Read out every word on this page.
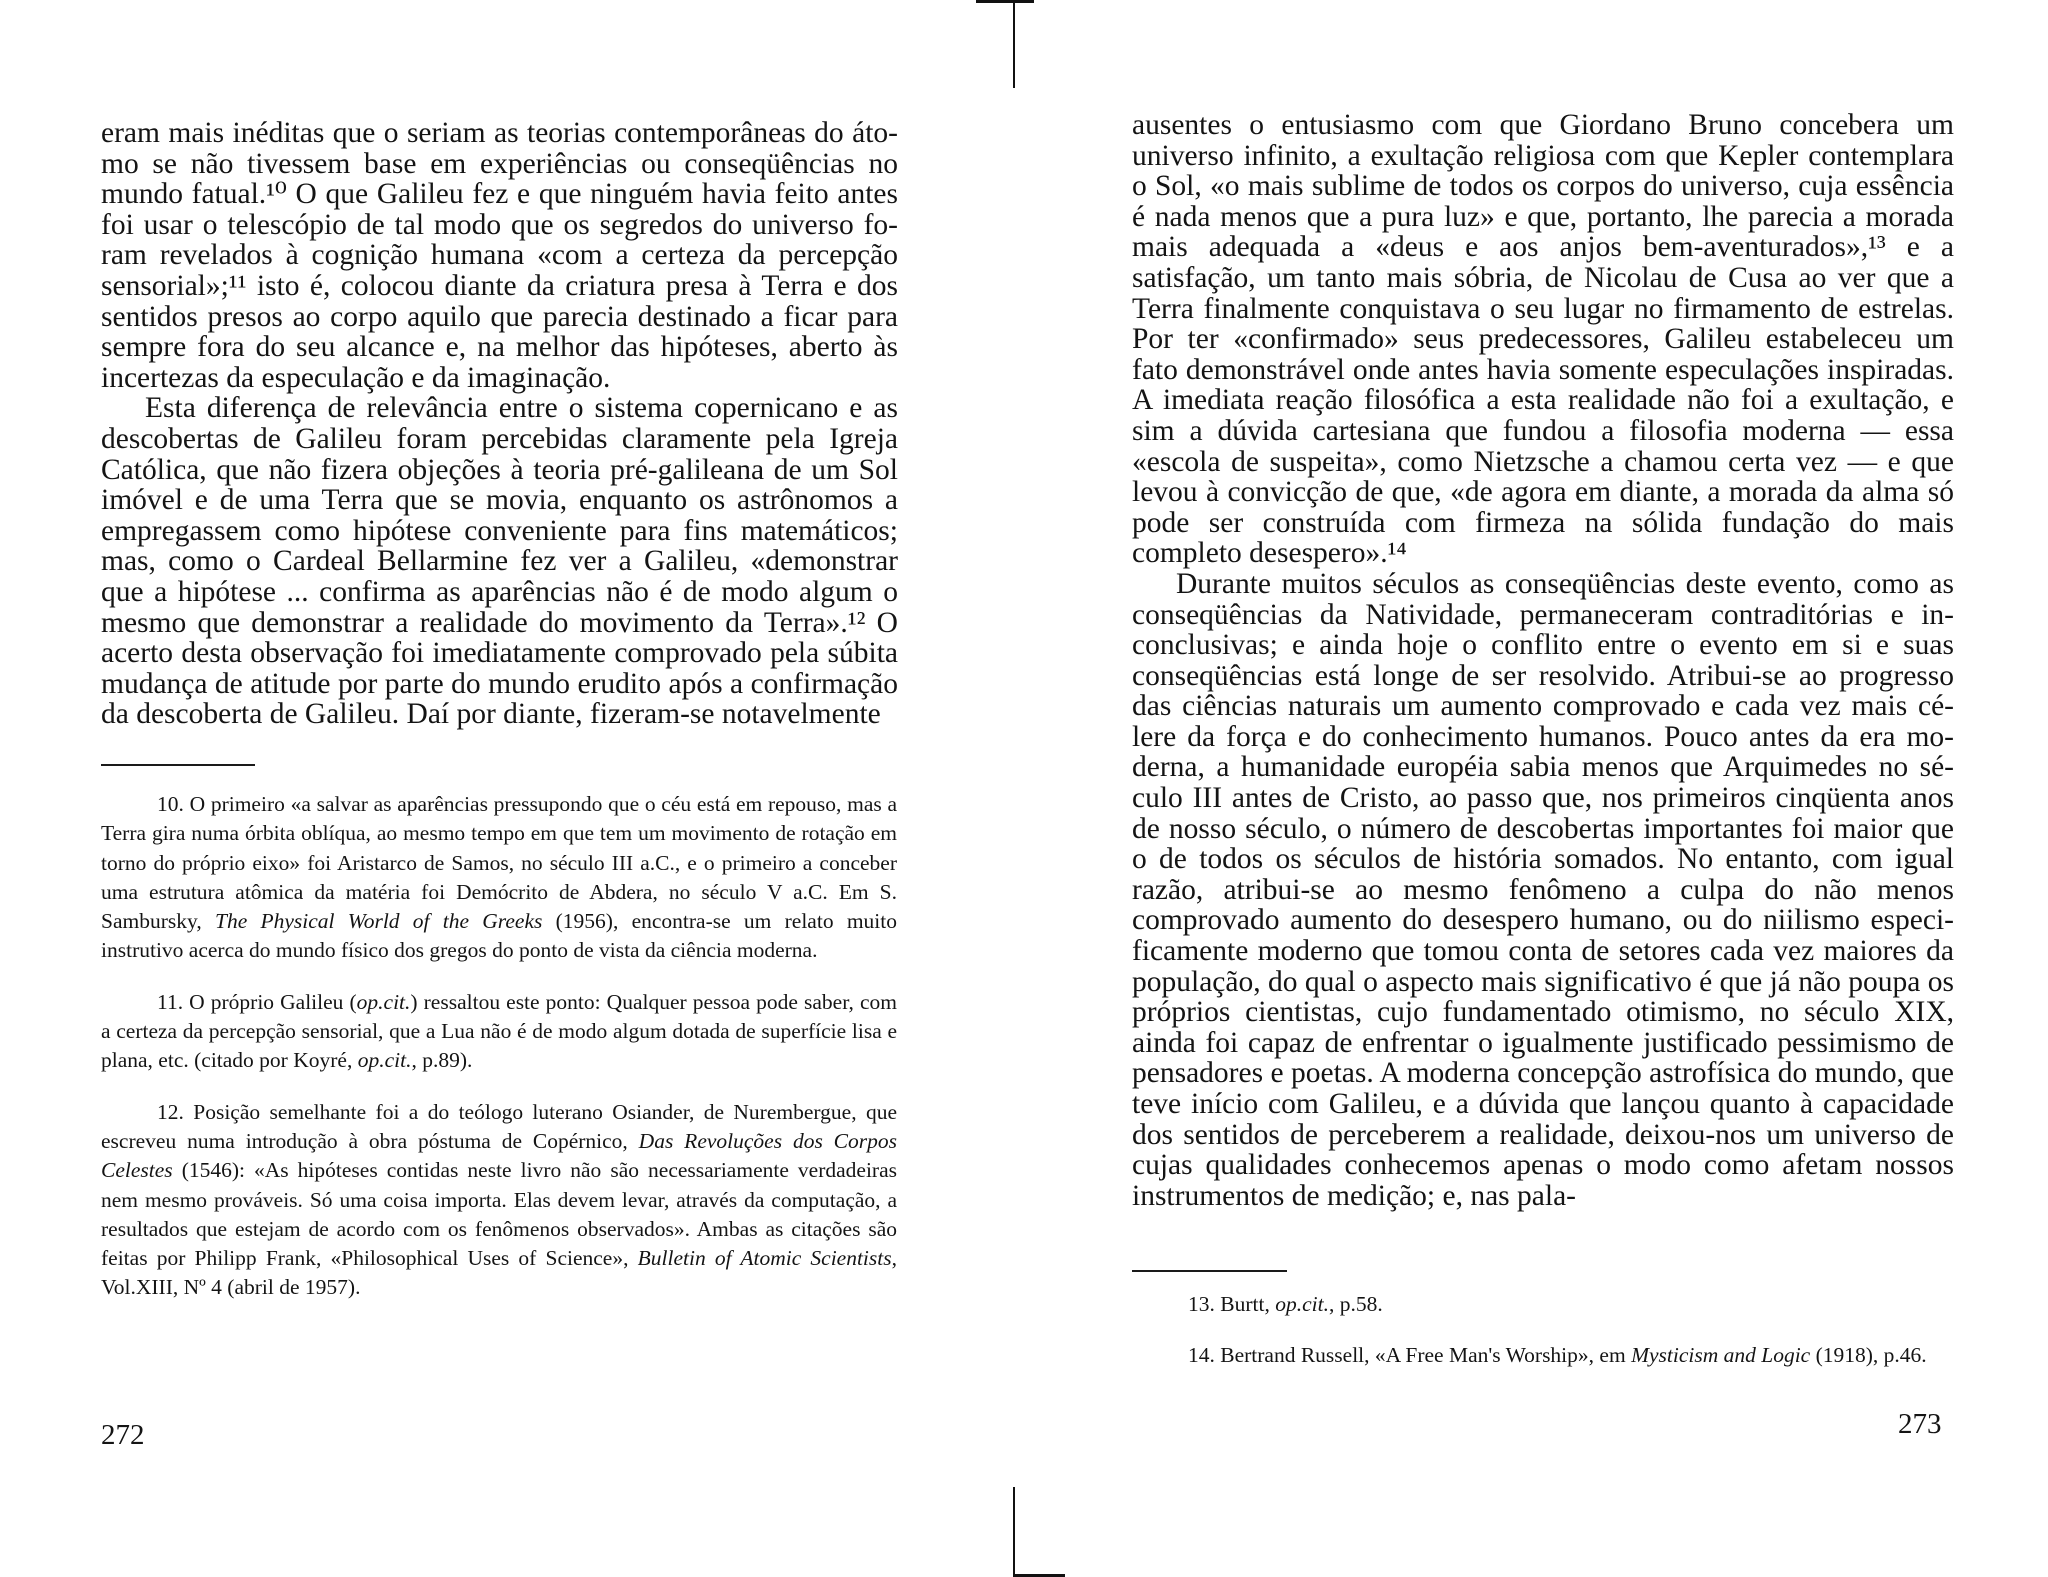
eram mais inéditas que o seriam as teorias contemporâneas do átomo se não tivessem base em experiências ou conseqüências no mundo fatual.¹⁰ O que Galileu fez e que ninguém havia feito antes foi usar o telescópio de tal modo que os segredos do universo foram revelados à cognição humana «com a certeza da percepção sensorial»;¹¹ isto é, colocou diante da criatura presa à Terra e dos sentidos presos ao corpo aquilo que parecia destinado a ficar para sempre fora do seu alcance e, na melhor das hipóteses, aberto às incertezas da especulação e da imaginação.

Esta diferença de relevância entre o sistema copernicano e as descobertas de Galileu foram percebidas claramente pela Igreja Católica, que não fizera objeções à teoria pré-galileana de um Sol imóvel e de uma Terra que se movia, enquanto os astrônomos a empregassem como hipótese conveniente para fins matemáticos; mas, como o Cardeal Bellarmine fez ver a Galileu, «demonstrar que a hipótese ... confirma as aparências não é de modo algum o mesmo que demonstrar a realidade do movimento da Terra».¹² O acerto desta observação foi imediatamente comprovado pela súbita mudança de atitude por parte do mundo erudito após a confirmação da descoberta de Galileu. Daí por diante, fizeram-se notavelmente

10. O primeiro «a salvar as aparências pressupondo que o céu está em repouso, mas a Terra gira numa órbita oblíqua, ao mesmo tempo em que tem um movimento de rotação em torno do próprio eixo» foi Aristarco de Samos, no século III a.C., e o primeiro a conceber uma estrutura atômica da matéria foi Demócrito de Abdera, no século V a.C. Em S. Sambursky, The Physical World of the Greeks (1956), encontra-se um relato muito instrutivo acerca do mundo físico dos gregos do ponto de vista da ciência moderna.

11. O próprio Galileu (op.cit.) ressaltou este ponto: Qualquer pessoa pode saber, com a certeza da percepção sensorial, que a Lua não é de modo algum dotada de superfície lisa e plana, etc. (citado por Koyré, op.cit., p.89).

12. Posição semelhante foi a do teólogo luterano Osiander, de Nurembergue, que escreveu numa introdução à obra póstuma de Copérnico, Das Revoluções dos Corpos Celestes (1546): «As hipóteses contidas neste livro não são necessariamente verdadeiras nem mesmo prováveis. Só uma coisa importa. Elas devem levar, através da computação, a resultados que estejam de acordo com os fenômenos observados». Ambas as citações são feitas por Philipp Frank, «Philosophical Uses of Science», Bulletin of Atomic Scientists, Vol.XIII, Nº 4 (abril de 1957).

272

ausentes o entusiasmo com que Giordano Bruno concebera um universo infinito, a exultação religiosa com que Kepler contemplara o Sol, «o mais sublime de todos os corpos do universo, cuja essência é nada menos que a pura luz» e que, portanto, lhe parecia a morada mais adequada a «deus e aos anjos bem-aventurados»,¹³ e a satisfação, um tanto mais sóbria, de Nicolau de Cusa ao ver que a Terra finalmente conquistava o seu lugar no firmamento de estrelas. Por ter «confirmado» seus predecessores, Galileu estabeleceu um fato demonstrável onde antes havia somente especulações inspiradas. A imediata reação filosófica a esta realidade não foi a exultação, e sim a dúvida cartesiana que fundou a filosofia moderna — essa «escola de suspeita», como Nietzsche a chamou certa vez — e que levou à convicção de que, «de agora em diante, a morada da alma só pode ser construída com firmeza na sólida fundação do mais completo desespero».¹⁴

Durante muitos séculos as conseqüências deste evento, como as conseqüências da Natividade, permaneceram contraditórias e inconclusivas; e ainda hoje o conflito entre o evento em si e suas conseqüências está longe de ser resolvido. Atribui-se ao progresso das ciências naturais um aumento comprovado e cada vez mais célere da força e do conhecimento humanos. Pouco antes da era moderna, a humanidade européia sabia menos que Arquimedes no século III antes de Cristo, ao passo que, nos primeiros cinqüenta anos de nosso século, o número de descobertas importantes foi maior que o de todos os séculos de história somados. No entanto, com igual razão, atribui-se ao mesmo fenômeno a culpa do não menos comprovado aumento do desespero humano, ou do niilismo especificamente moderno que tomou conta de setores cada vez maiores da população, do qual o aspecto mais significativo é que já não poupa os próprios cientistas, cujo fundamentado otimismo, no século XIX, ainda foi capaz de enfrentar o igualmente justificado pessimismo de pensadores e poetas. A moderna concepção astrofísica do mundo, que teve início com Galileu, e a dúvida que lançou quanto à capacidade dos sentidos de perceberem a realidade, deixou-nos um universo de cujas qualidades conhecemos apenas o modo como afetam nossos instrumentos de medição; e, nas pala-

13. Burtt, op.cit., p.58.

14. Bertrand Russell, «A Free Man's Worship», em Mysticism and Logic (1918), p.46.

273
